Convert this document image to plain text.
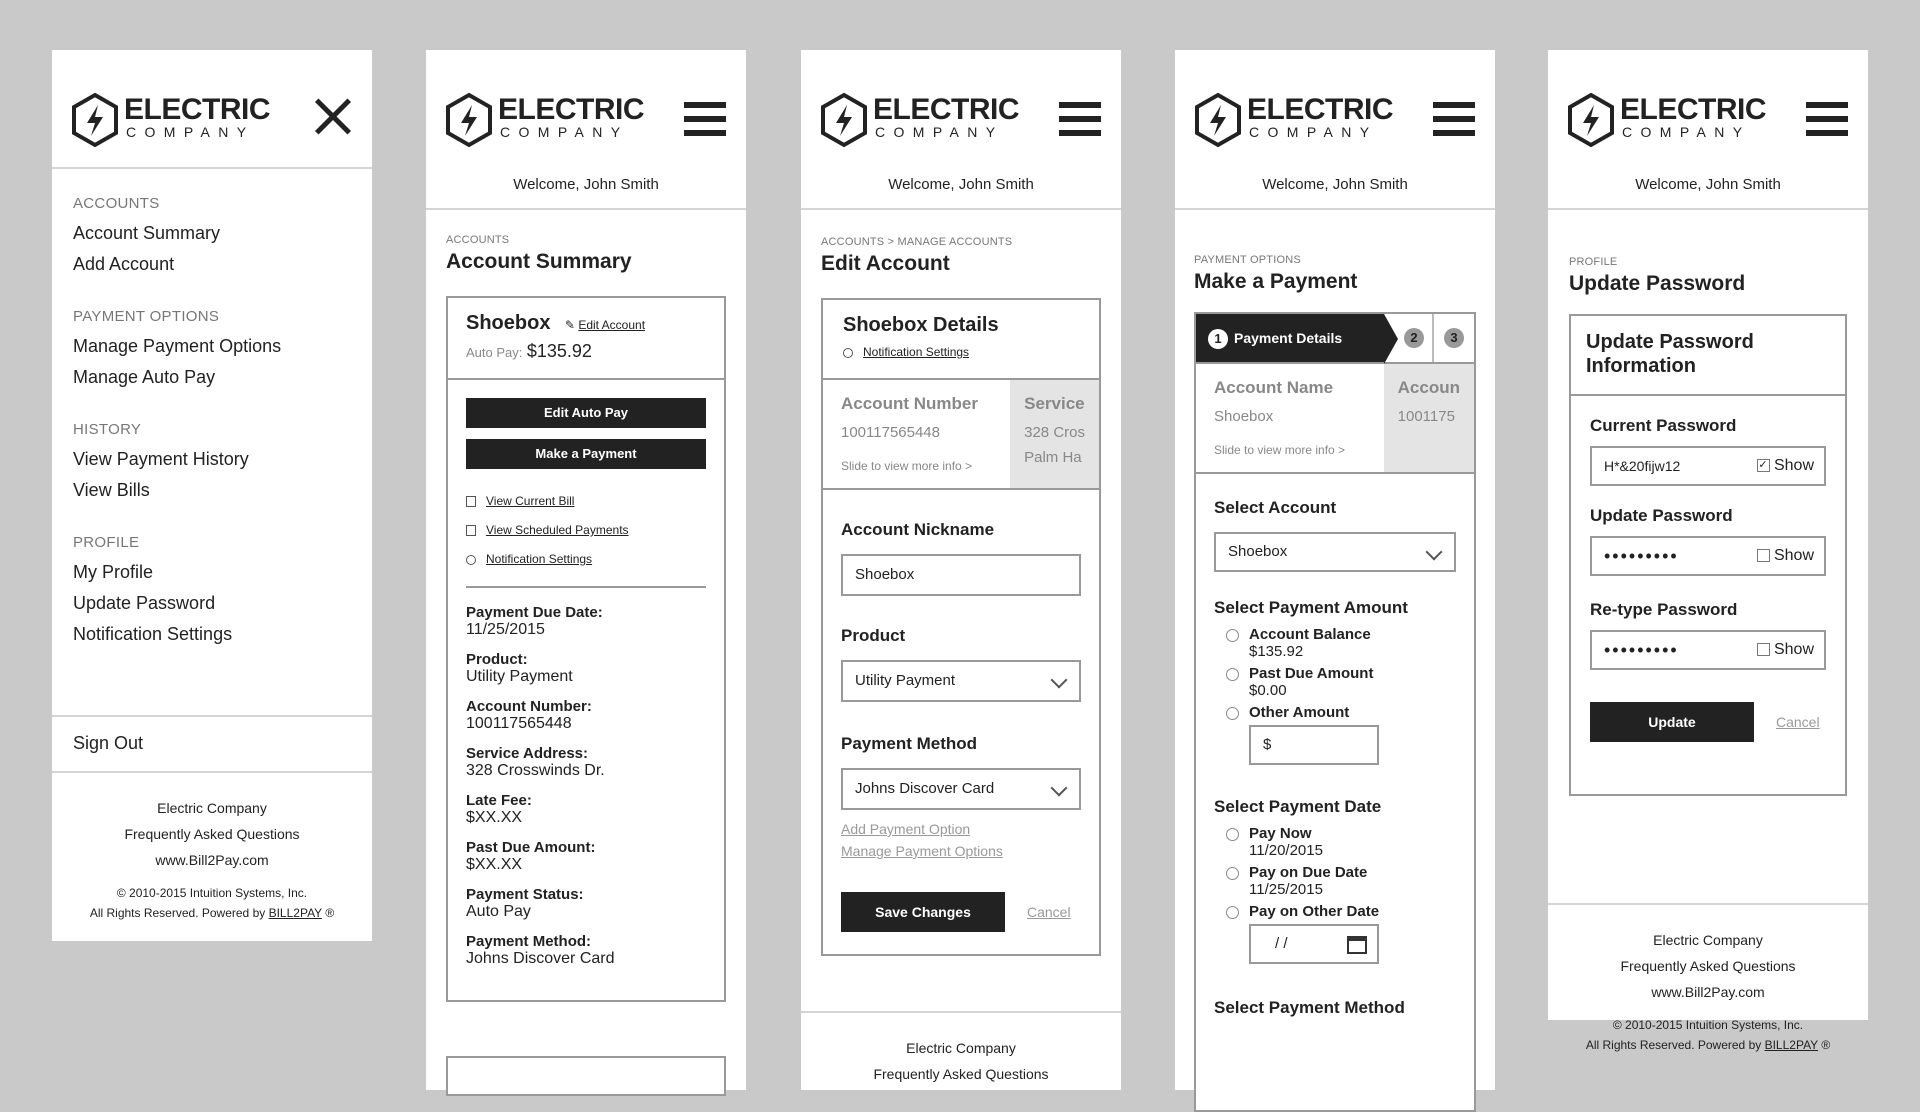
ELECTRIC
COMPANY
ACCOUNTS
Account Summary
Add Account
PAYMENT OPTIONS
Manage Payment Options
Manage Auto Pay
HISTORY
View Payment History
View Bills
PROFILE
My Profile
Update Password
Notification Settings
Sign Out
Electric Company
Frequently Asked Questions
www.Bill2Pay.com
© 2010-2015 Intuition Systems, Inc.
All Rights Reserved. Powered by BILL2PAY ®
ELECTRIC
COMPANY
Welcome, John Smith
ACCOUNTS
Account Summary
Shoebox ✎ Edit Account
Auto Pay: $135.92
Edit Auto Pay
Make a Payment
View Current Bill
View Scheduled Payments
Notification Settings
Payment Due Date:
11/25/2015
Product:
Utility Payment
Account Number:
100117565448
Service Address:
328 Crosswinds Dr.
Late Fee:
$XX.XX
Past Due Amount:
$XX.XX
Payment Status:
Auto Pay
Payment Method:
Johns Discover Card
ELECTRIC
COMPANY
Welcome, John Smith
ACCOUNTS > MANAGE ACCOUNTS
Edit Account
Shoebox Details
Notification Settings
Account Number
100117565448
Slide to view more info >
Service
328 Cros
Palm Ha
Account Nickname
Shoebox
Product
Utility Payment
Payment Method
Johns Discover Card
Add Payment Option
Manage Payment Options
Save Changes	Cancel
Electric Company
Frequently Asked Questions
ELECTRIC
COMPANY
Welcome, John Smith
PAYMENT OPTIONS
Make a Payment
1 Payment Details	2	3
Account Name
Shoebox
Slide to view more info >
Accoun
1001175
Select Account
Shoebox
Select Payment Amount
Account Balance
$135.92
Past Due Amount
$0.00
Other Amount
$
Select Payment Date
Pay Now
11/20/2015
Pay on Due Date
11/25/2015
Pay on Other Date
/ /
Select Payment Method
ELECTRIC
COMPANY
Welcome, John Smith
PROFILE
Update Password
Update Password Information
Current Password
H*&20fijw12	✓ Show
Update Password
•••••••••	Show
Re-type Password
•••••••••	Show
Update	Cancel
Electric Company
Frequently Asked Questions
www.Bill2Pay.com
© 2010-2015 Intuition Systems, Inc.
All Rights Reserved. Powered by BILL2PAY ®
